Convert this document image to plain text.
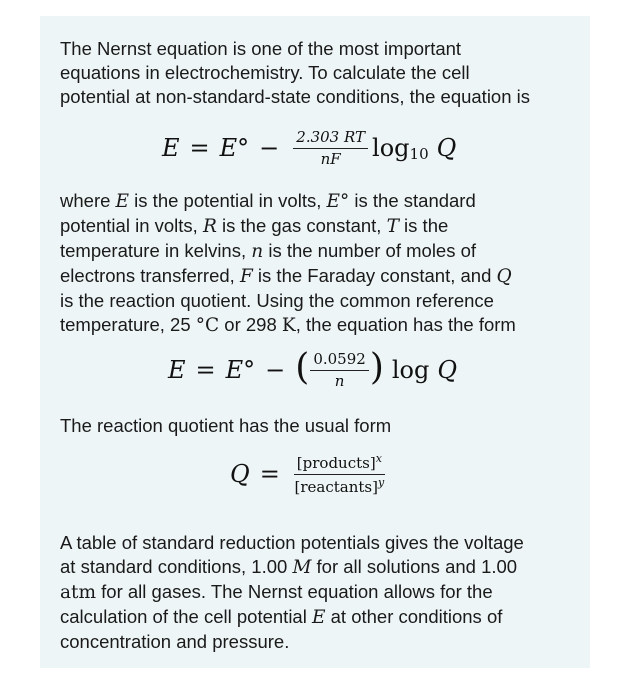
The Nernst equation is one of the most important
equations in electrochemistry. To calculate the cell
potential at non-standard-state conditions, the equation is
$E = E^\circ - \frac{2.303 RT}{nF}$ log 10 Q
where E is the potential in volts, E° is the standard
potential in volts, R is the gas constant, T is the
temperature in kelvins, n is the number of moles of
electrons transferred, F is the Faraday constant, and Q
is the reaction quotient. Using the common reference
temperature, 25 °C or 298 K, the equation has the form
E = E° − ( $\frac{0.0592}{n}$ ) log Q
The reaction quotient has the usual form
$Q = \frac{[products]^x}{[reactants]^y}$
A table of standard reduction potentials gives the voltage
at standard conditions, 1.00 M for all solutions and 1.00
atm for all gases. The Nernst equation allows for the
calculation of the cell potential E at other conditions of
concentration and pressure.
